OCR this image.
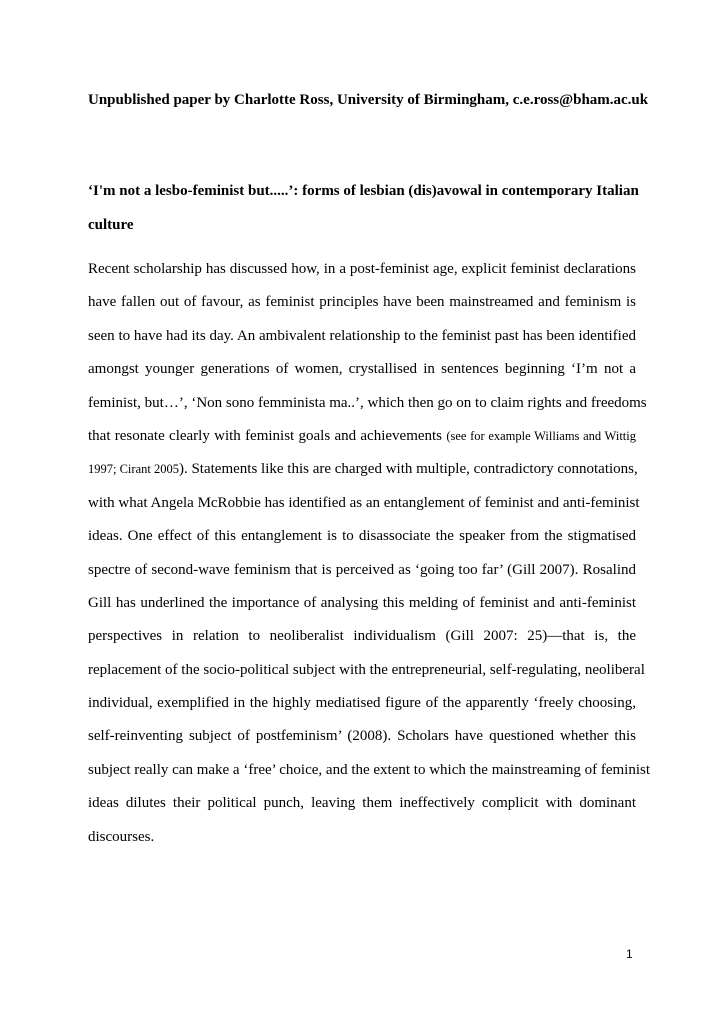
Unpublished paper by Charlotte Ross, University of Birmingham, c.e.ross@bham.ac.uk
‘I'm not a lesbo-feminist but.....’: forms of lesbian (dis)avowal in contemporary Italian
culture
Recent scholarship has discussed how, in a post-feminist age, explicit feminist declarations
have fallen out of favour, as feminist principles have been mainstreamed and feminism is
seen to have had its day. An ambivalent relationship to the feminist past has been identified
amongst younger generations of women, crystallised in sentences beginning ‘I’m not a
feminist, but…’, ‘Non sono femminista ma..’, which then go on to claim rights and freedoms
that resonate clearly with feminist goals and achievements (see for example Williams and Wittig
1997; Cirant 2005). Statements like this are charged with multiple, contradictory connotations,
with what Angela McRobbie has identified as an entanglement of feminist and anti-feminist
ideas. One effect of this entanglement is to disassociate the speaker from the stigmatised
spectre of second-wave feminism that is perceived as ‘going too far’ (Gill 2007). Rosalind
Gill has underlined the importance of analysing this melding of feminist and anti-feminist
perspectives in relation to neoliberalist individualism (Gill 2007: 25)—that is, the
replacement of the socio-political subject with the entrepreneurial, self-regulating, neoliberal
individual, exemplified in the highly mediatised figure of the apparently ‘freely choosing,
self-reinventing subject of postfeminism’ (2008). Scholars have questioned whether this
subject really can make a ‘free’ choice, and the extent to which the mainstreaming of feminist
ideas dilutes their political punch, leaving them ineffectively complicit with dominant
discourses.
1
